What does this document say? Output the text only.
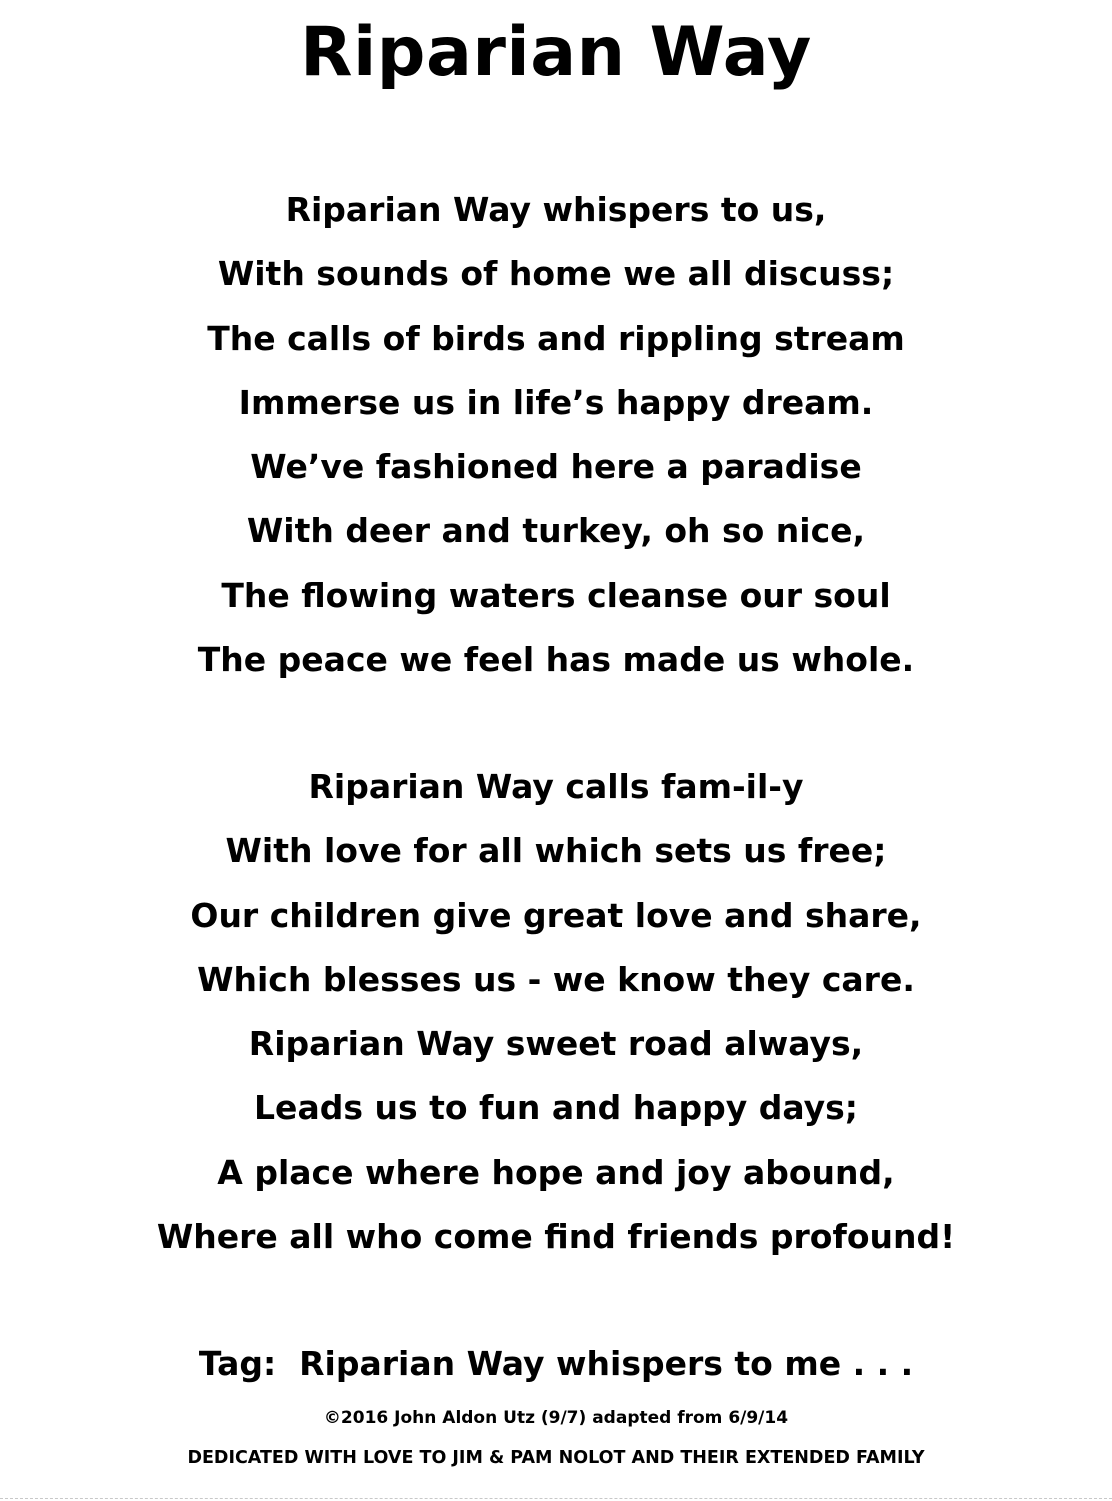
Riparian Way
Riparian Way whispers to us,
With sounds of home we all discuss;
The calls of birds and rippling stream
Immerse us in life’s happy dream.
We’ve fashioned here a paradise
With deer and turkey, oh so nice,
The flowing waters cleanse our soul
The peace we feel has made us whole.
Riparian Way calls fam-il-y
With love for all which sets us free;
Our children give great love and share,
Which blesses us - we know they care.
Riparian Way sweet road always,
Leads us to fun and happy days;
A place where hope and joy abound,
Where all who come find friends profound!
Tag:  Riparian Way whispers to me . . .
©2016 John Aldon Utz (9/7) adapted from 6/9/14
DEDICATED WITH LOVE TO JIM & PAM NOLOT AND THEIR EXTENDED FAMILY
